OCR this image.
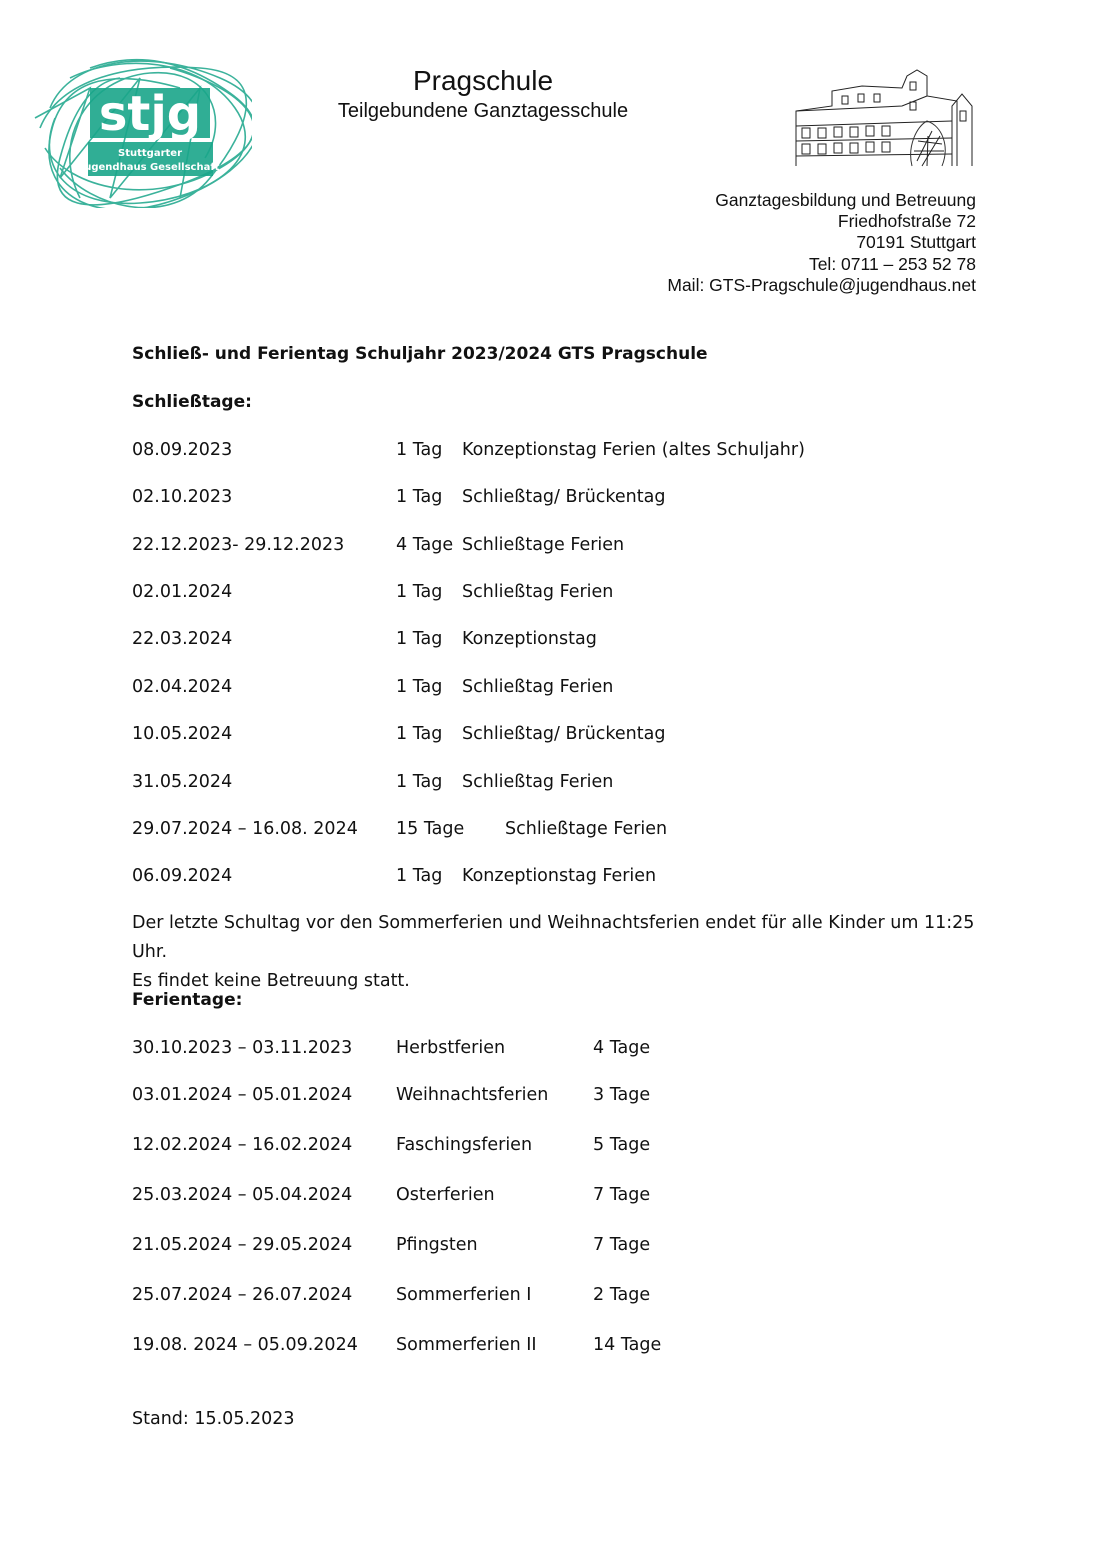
stjg
Stuttgarter
Jugendhaus Gesellschaft
Pragschule
Teilgebundene Ganztagesschule
Ganztagesbildung und Betreuung
Friedhofstraße 72
70191 Stuttgart
Tel: 0711 – 253 52 78
Mail: GTS-Pragschule@jugendhaus.net
Schließ- und Ferientag Schuljahr 2023/2024 GTS Pragschule
Schließtage:
08.09.2023	1 Tag Konzeptionstag Ferien (altes Schuljahr)
02.10.2023	1 Tag Schließtag/ Brückentag
22.12.2023- 29.12.2023	4 Tage Schließtage Ferien
02.01.2024	1 Tag Schließtag Ferien
22.03.2024	1 Tag Konzeptionstag
02.04.2024	1 Tag Schließtag Ferien
10.05.2024	1 Tag Schließtag/ Brückentag
31.05.2024	1 Tag Schließtag Ferien
29.07.2024 – 16.08. 2024 15 Tage Schließtage Ferien
06.09.2024	1 Tag Konzeptionstag Ferien
Der letzte Schultag vor den Sommerferien und Weihnachtsferien endet für alle Kinder um 11:25 Uhr.
Es findet keine Betreuung statt.
Ferientage:
30.10.2023 – 03.11.2023 Herbstferien	4 Tage
03.01.2024 – 05.01.2024 Weihnachtsferien	3 Tage
12.02.2024 – 16.02.2024 Faschingsferien	5 Tage
25.03.2024 – 05.04.2024 Osterferien	7 Tage
21.05.2024 – 29.05.2024 Pfingsten	7 Tage
25.07.2024 – 26.07.2024 Sommerferien I	2 Tage
19.08. 2024 – 05.09.2024 Sommerferien II	14 Tage
Stand: 15.05.2023
